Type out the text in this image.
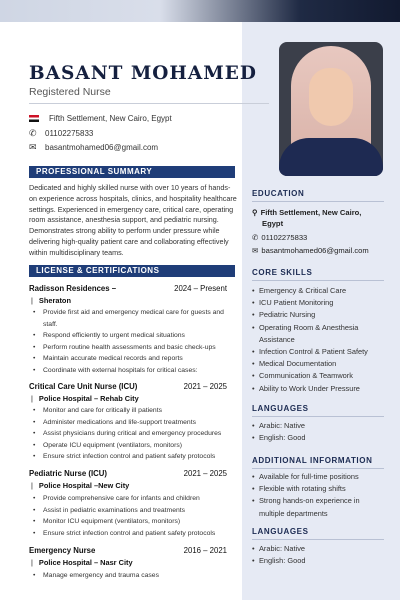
BASANT MOHAMED
Registered Nurse
Fifth Settlement, New Cairo, Egypt
✆	01102275833
✉	basantmohamed06@gmail.com
PROFESSIONAL SUMMARY
Dedicated and highly skilled nurse with over 10 years of hands-on experience across hospitals, clinics, and hospitality healthcare settings. Experienced in emergency care, critical care, operating room assistance, anesthesia support, and pediatric nursing. Demonstrates strong ability to perform under pressure while delivering high-quality patient care and collaborating effectively within multidisciplinary teams.
LICENSE & CERTIFICATIONS
Radisson Residences –	2024 – Present
| Sheraton
• Provide first aid and emergency medical care for guests and staff.
• Respond efficiently to urgent medical situations
• Perform routine health assessments and basic check-ups
• Maintain accurate medical records and reports
• Coordinate with external hospitals for critical cases:
Critical Care Unit Nurse (ICU)	2021 – 2025
| Police Hospital – Rehab City
• Monitor and care for critically ill patients
• Administer medications and life-support treatments
• Assist physicians during critical and emergency procedures
• Operate ICU equipment (ventilators, monitors)
• Ensure strict infection control and patient safety protocols
Pediatric Nurse (ICU)	2021 – 2025
| Police Hospital –New City
• Provide comprehensive care for infants and children
• Assist in pediatric examinations and treatments
• Monitor ICU equipment (ventilators, monitors)
• Ensure strict infection control and patient safety protocols
Emergency Nurse	2016 – 2021
| Police Hospital – Nasr City
• Manage emergency and trauma cases
EDUCATION
⚲ Fifth Settlement, New Cairo,
Egypt
✆ 01102275833
✉ basantmohamed06@gmail.com
CORE SKILLS
• Emergency & Critical Care
• ICU Patient Monitoring
• Pediatric Nursing
• Operating Room & Anesthesia Assistance
• Infection Control & Patient Safety
• Medical Documentation
• Communication & Teamwork
• Ability to Work Under Pressure
LANGUAGES
• Arabic: Native
• English: Good
ADDITIONAL INFORMATION
• Available for full-time positions
• Flexible with rotating shifts
• Strong hands-on experience in multiple departments
LANGUAGES
• Arabic: Native
• English: Good
